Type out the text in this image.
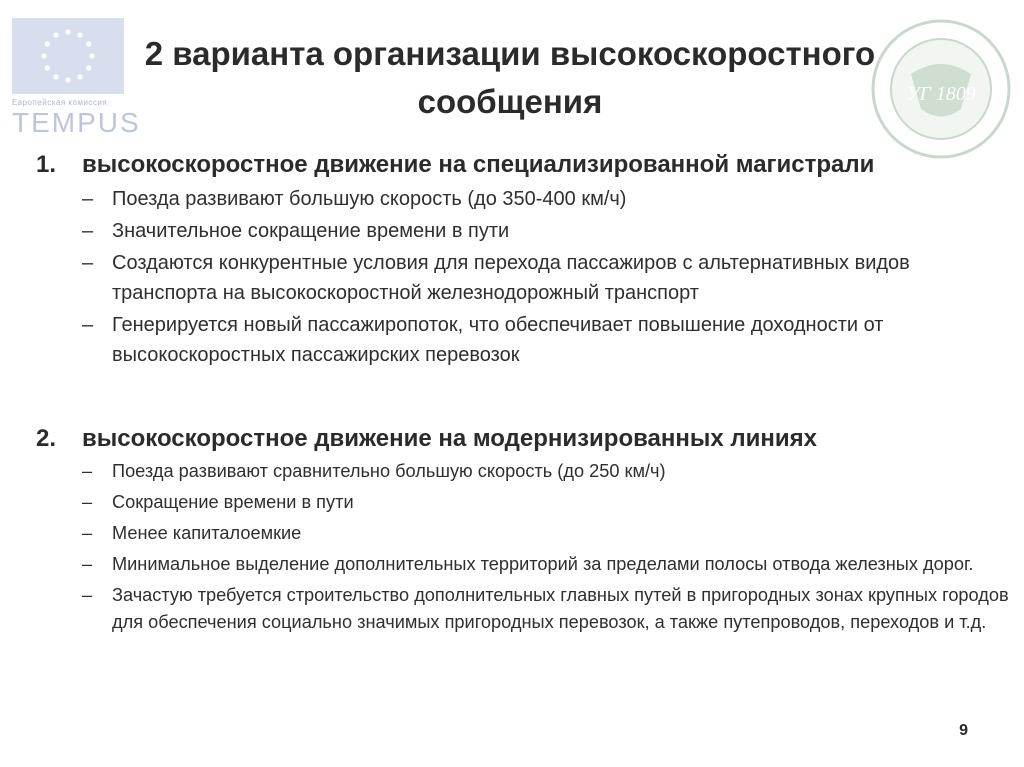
Европейская комиссия
TEMPUS
УГ 1809
2 варианта организации высокоскоростного сообщения
1.	высокоскоростное движение на специализированной магистрали
– Поезда развивают большую скорость (до 350-400 км/ч)
– Значительное сокращение времени в пути
– Создаются конкурентные условия для перехода пассажиров с альтернативных видов транспорта на высокоскоростной железнодорожный транспорт
– Генерируется новый пассажиропоток, что обеспечивает повышение доходности от высокоскоростных пассажирских перевозок
2.	высокоскоростное движение на модернизированных линиях
–	Поезда развивают сравнительно большую скорость (до 250 км/ч)
–	Сокращение времени в пути
–	Менее капиталоемкие
–	Минимальное выделение дополнительных территорий за пределами полосы отвода железных дорог.
–	Зачастую требуется строительство дополнительных главных путей в пригородных зонах крупных городов для обеспечения социально значимых пригородных перевозок, а также путепроводов, переходов и т.д.
9
